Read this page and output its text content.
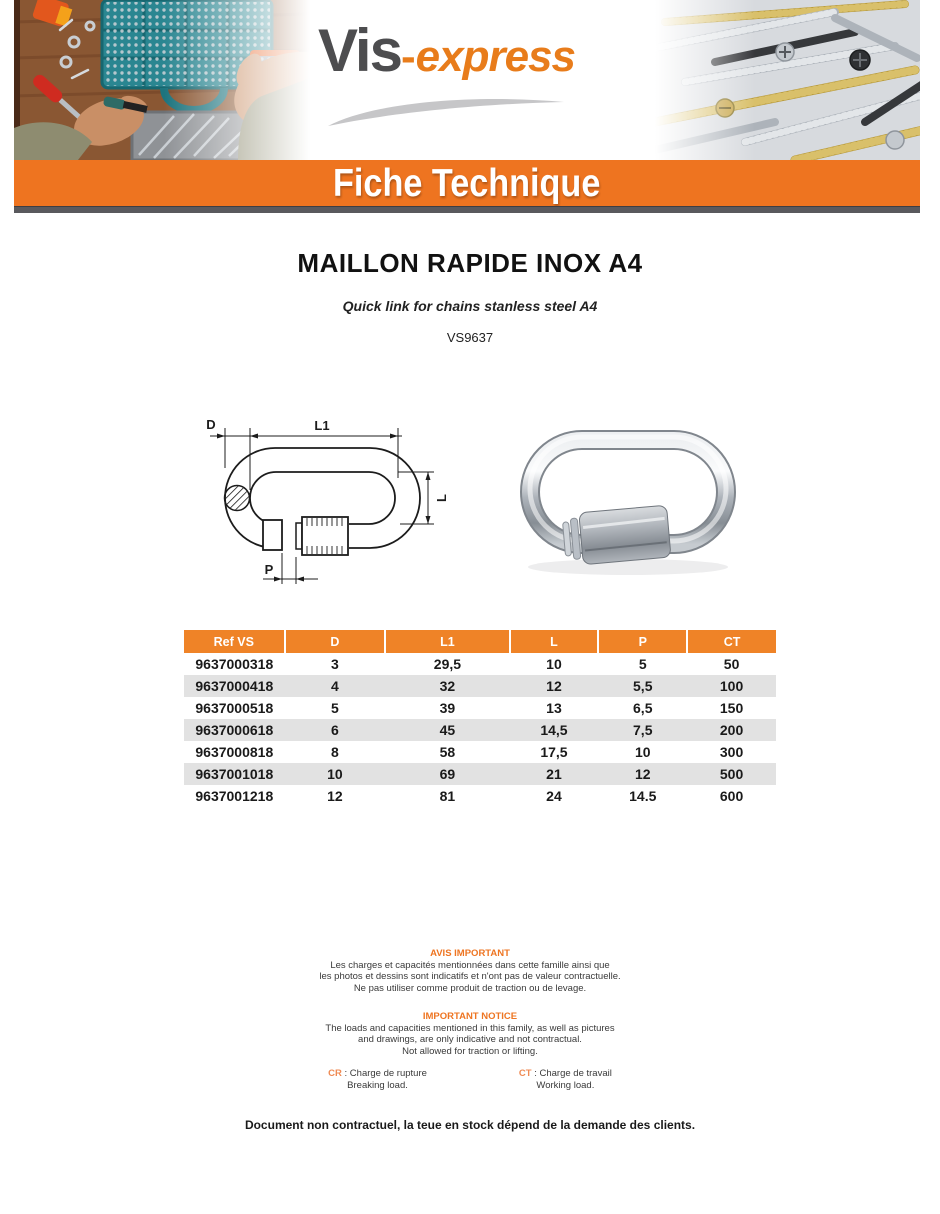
Vis-express
Fiche Technique
MAILLON RAPIDE INOX A4
Quick link for chains stanless steel A4
VS9637
D	L1
L
P
Ref VS	D	L1	L	P	CT
9637000318	3	29,5	10	5	50
9637000418	4	32	12	5,5	100
9637000518	5	39	13	6,5	150
9637000618	6	45	14,5	7,5	200
9637000818	8	58	17,5	10	300
9637001018	10	69	21	12	500
9637001218	12	81	24	14.5	600
AVIS IMPORTANT
Les charges et capacités mentionnées dans cette famille ainsi que
les photos et dessins sont indicatifs et n'ont pas de valeur contractuelle.
Ne pas utiliser comme produit de traction ou de levage.
IMPORTANT NOTICE
The loads and capacities mentioned in this family, as well as pictures
and drawings, are only indicative and not contractual.
Not allowed for traction or lifting.
CR : Charge de rupture
Breaking load.
CT : Charge de travail
Working load.
Document non contractuel, la teue en stock dépend de la demande des clients.
